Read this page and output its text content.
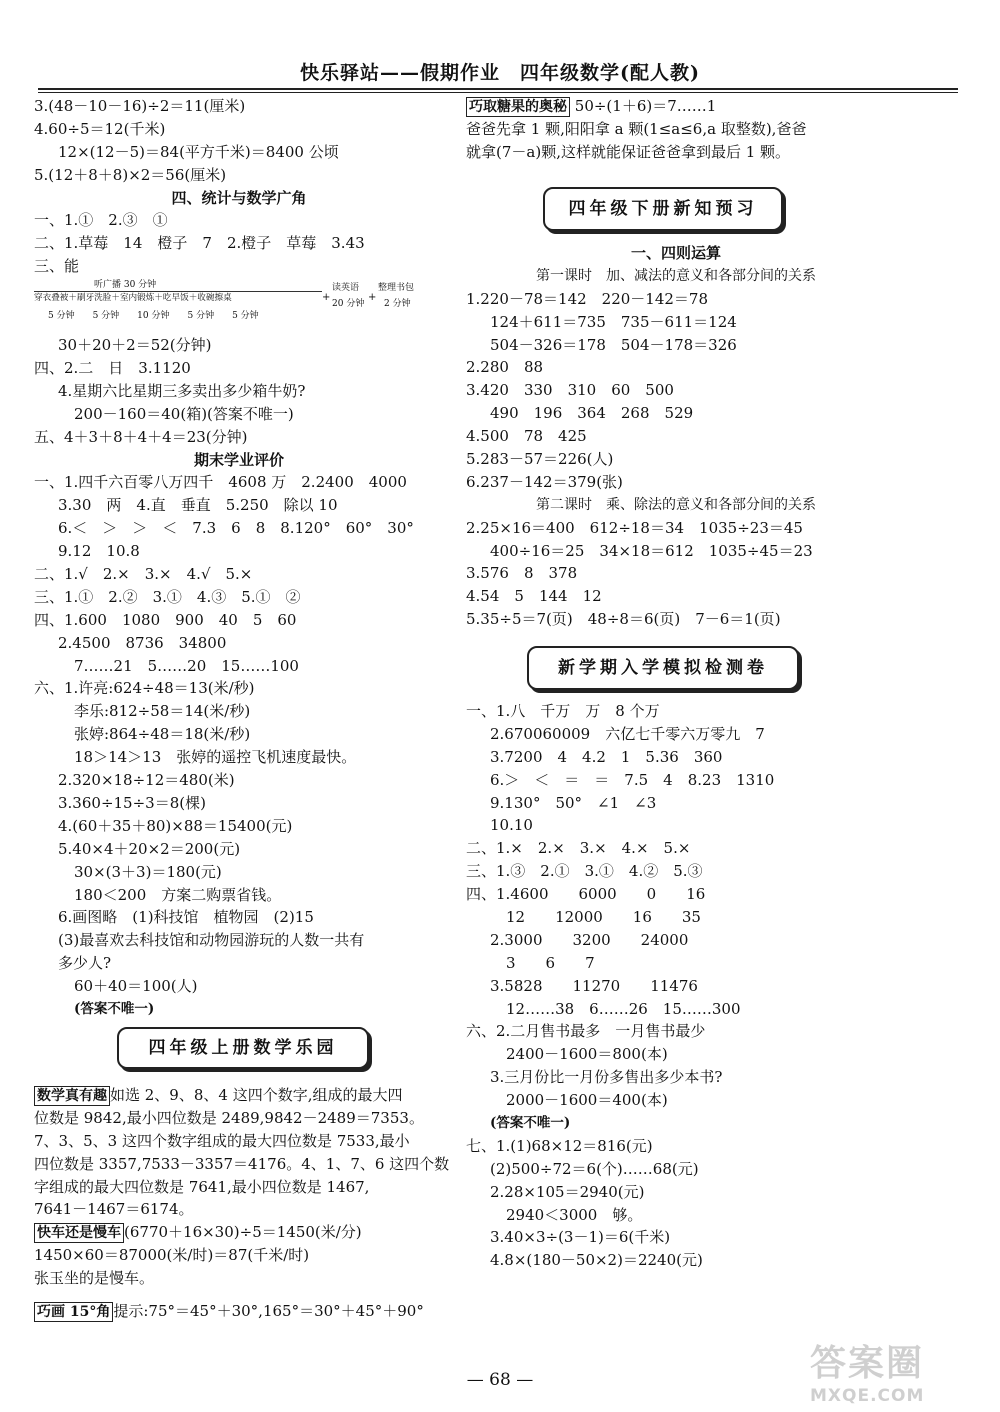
快乐驿站——假期作业　四年级数学(配人教)
3.(48－10－16)÷2＝11(厘米)
4.60÷5＝12(千米)
12×(12－5)＝84(平方千米)＝8400 公顷
5.(12＋8＋8)×2＝56(厘米)
四、统计与数学广角
一、1.①　2.③　①
二、1.草莓　14　橙子　7　2.橙子　草莓　3.43
三、能

听广播 30 分钟

穿衣叠被＋刷牙洗脸＋室内锻炼＋吃早饭＋收碗擦桌

5 分钟　　5 分钟　　10 分钟　　5 分钟　　5 分钟

+

读英语

20 分钟

+

整理书包

2 分钟

30＋20＋2＝52(分钟)
四、2.二　日　3.1120
4.星期六比星期三多卖出多少箱牛奶?
200－160＝40(箱)(答案不唯一)
五、4＋3＋8＋4＋4＝23(分钟)
期末学业评价
一、1.四千六百零八万四千　4608 万　2.2400　4000
3.30　两　4.直　垂直　5.250　除以 10
6.＜　＞　＞　＜　7.3　6　8　8.120°　60°　30°
9.12　10.8
二、1.√　2.×　3.×　4.√　5.×
三、1.①　2.②　3.①　4.③　5.①　②
四、1.600　1080　900　40　5　60
2.4500　8736　34800
7……21　5……20　15……100
六、1.许亮:624÷48＝13(米/秒)
李乐:812÷58＝14(米/秒)
张婷:864÷48＝18(米/秒)
18＞14＞13　张婷的遥控飞机速度最快。
2.320×18÷12＝480(米)
3.360÷15÷3＝8(棵)
4.(60＋35＋80)×88＝15400(元)
5.40×4＋20×2＝200(元)
30×(3＋3)＝180(元)
180＜200　方案二购票省钱。
6.画图略　(1)科技馆　植物园　(2)15
(3)最喜欢去科技馆和动物园游玩的人数一共有
多少人?
60＋40＝100(人)
(答案不唯一)
四年级上册数学乐园
数学真有趣 如选 2、9、8、4 这四个数字,组成的最大四
位数是 9842,最小四位数是 2489,9842－2489＝7353。
7、3、5、3 这四个数字组成的最大四位数是 7533,最小
四位数是 3357,7533－3357＝4176。4、1、7、6 这四个数
字组成的最大四位数是 7641,最小四位数是 1467,
7641－1467＝6174。
快车还是慢车 (6770＋16×30)÷5＝1450(米/分)
1450×60＝87000(米/时)＝87(千米/时)
张玉坐的是慢车。
巧画 15°角 提示:75°＝45°＋30°,165°＝30°＋45°＋90°
巧取糖果的奥秘 50÷(1＋6)＝7……1
爸爸先拿 1 颗,阳阳拿 a 颗(1≤a≤6,a 取整数),爸爸
就拿(7－a)颗,这样就能保证爸爸拿到最后 1 颗。
四年级下册新知预习
一、四则运算
第一课时　加、减法的意义和各部分间的关系
1.220－78＝142　220－142＝78
124＋611＝735　735－611＝124
504－326＝178　504－178＝326
2.280　88
3.420　330　310　60　500
490　196　364　268　529
4.500　78　425
5.283－57＝226(人)
6.237－142＝379(张)
第二课时　乘、除法的意义和各部分间的关系
2.25×16＝400　612÷18＝34　1035÷23＝45
400÷16＝25　34×18＝612　1035÷45＝23
3.576　8　378
4.54　5　144　12
5.35÷5＝7(页)　48÷8＝6(页)　7－6＝1(页)
新学期入学模拟检测卷
一、1.八　千万　万　8 个万
2.670060009　六亿七千零六万零九　7
3.7200　4　4.2　1　5.36　360
6.＞　＜　＝　＝　7.5　4　8.23　1310
9.130°　50°　∠1　∠3
10.10
二、1.×　2.×　3.×　4.×　5.×
三、1.③　2.①　3.①　4.②　5.③
四、1.4600　　6000　　0　　16
12　　12000　　16　　35
2.3000　　3200　　24000
3　　6　　7
3.5828　　11270　　11476
12……38　6……26　15……300
六、2.二月售书最多　一月售书最少
2400－1600＝800(本)
3.三月份比一月份多售出多少本书?
2000－1600＝400(本)
(答案不唯一)
七、1.(1)68×12＝816(元)
(2)500÷72＝6(个)……68(元)
2.28×105＝2940(元)
2940＜3000　够。
3.40×3÷(3－1)＝6(千米)
4.8×(180－50×2)＝2240(元)
— 68 —	答案圈
MXQE.COM
